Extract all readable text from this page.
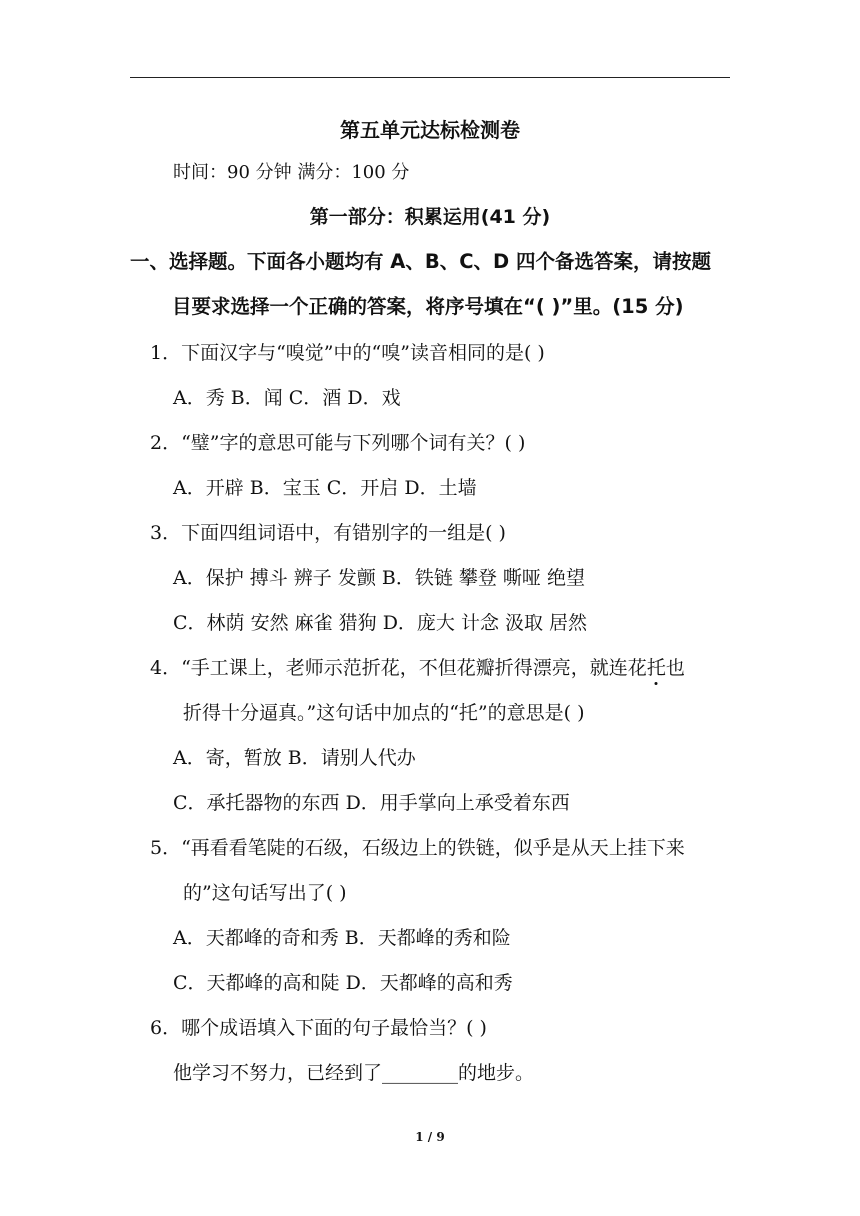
第五单元达标检测卷
时间：90 分钟 满分：100 分
第一部分：积累运用(41 分)
一、选择题。下面各小题均有 A、B、C、D 四个备选答案，请按题
目要求选择一个正确的答案，将序号填在“( )”里。(15 分)
1．下面汉字与“嗅觉”中的“嗅”读音相同的是( )
A．秀 B．闻 C．酒 D．戏
2．“璧”字的意思可能与下列哪个词有关？( )
A．开辟 B．宝玉 C．开启 D．土墙
3．下面四组词语中，有错别字的一组是( )
A．保护 搏斗 辨子 发颤 B．铁链 攀登 嘶哑 绝望
C．林荫 安然 麻雀 猎狗 D．庞大 计念 汲取 居然
4．“手工课上，老师示范折花，不但花瓣折得漂亮，就连花托
也
折得十分逼真。”这句话中加点的“托”的意思是( )
A．寄，暂放 B．请别人代办
C．承托器物的东西 D．用手掌向上承受着东西
5．“再看看笔陡的石级，石级边上的铁链，似乎是从天上挂下来
的”这句话写出了( )
A．天都峰的奇和秀 B．天都峰的秀和险
C．天都峰的高和陡 D．天都峰的高和秀
6．哪个成语填入下面的句子最恰当？( )
他学习不努力，已经到了________的地步。
1 / 9
